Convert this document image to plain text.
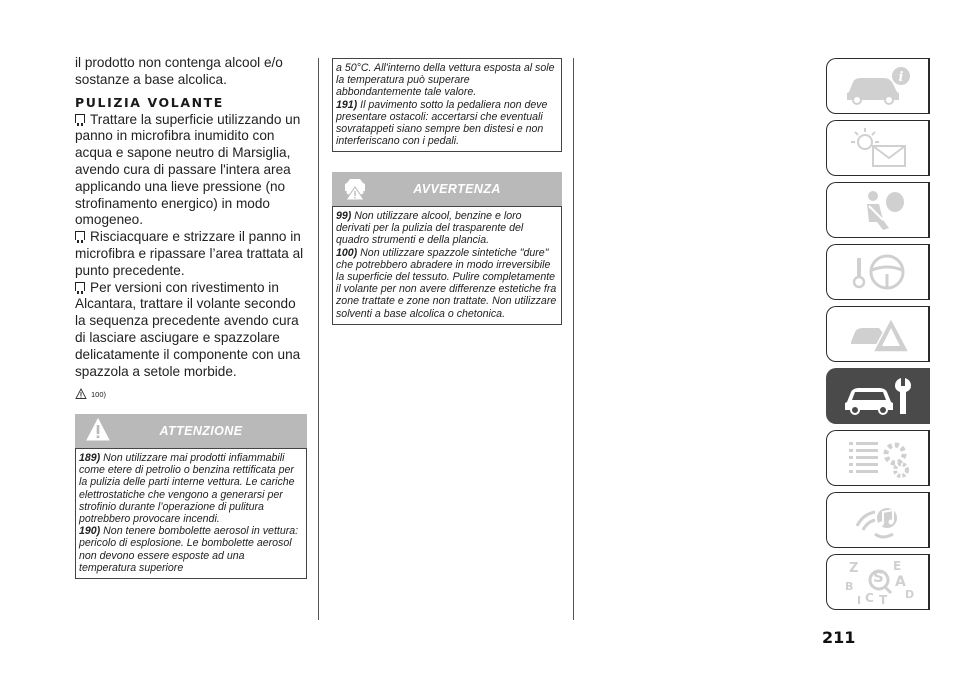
il prodotto non contenga alcool e/o sostanze a base alcolica.

PULIZIA VOLANTE

Trattare la superficie utilizzando un panno in microfibra inumidito con acqua e sapone neutro di Marsiglia, avendo cura di passare l'intera area applicando una lieve pressione (no strofinamento energico) in modo omogeneo.

Risciacquare e strizzare il panno in microfibra e ripassare l’area trattata al punto precedente.

Per versioni con rivestimento in Alcantara, trattare il volante secondo la sequenza precedente avendo cura di lasciare asciugare e spazzolare delicatamente il componente con una spazzola a setole morbide.

100)
ATTENZIONE

189) Non utilizzare mai prodotti infiammabili come etere di petrolio o benzina rettificata per la pulizia delle parti interne vettura. Le cariche elettrostatiche che vengono a generarsi per strofinio durante l’operazione di pulitura potrebbero provocare incendi.

190) Non tenere bombolette aerosol in vettura: pericolo di esplosione. Le bombolette aerosol non devono essere esposte ad una temperatura superiore

a 50°C. All'interno della vettura esposta al sole la temperatura può superare abbondantemente tale valore.

191) Il pavimento sotto la pedaliera non deve presentare ostacoli: accertarsi che eventuali sovratappeti siano sempre ben distesi e non interferiscano con i pedali.

AVVERTENZA

99) Non utilizzare alcool, benzine e loro derivati per la pulizia del trasparente del quadro strumenti e della plancia.

100) Non utilizzare spazzole sintetiche "dure" che potrebbero abradere in modo irreversibile la superficie del tessuto. Pulire completamente il volante per non avere differenze estetiche fra zone trattate e zone non trattate. Non utilizzare solventi a base alcolica o chetonica.

211
i
Z	E
A
B
D
C T
S
I
